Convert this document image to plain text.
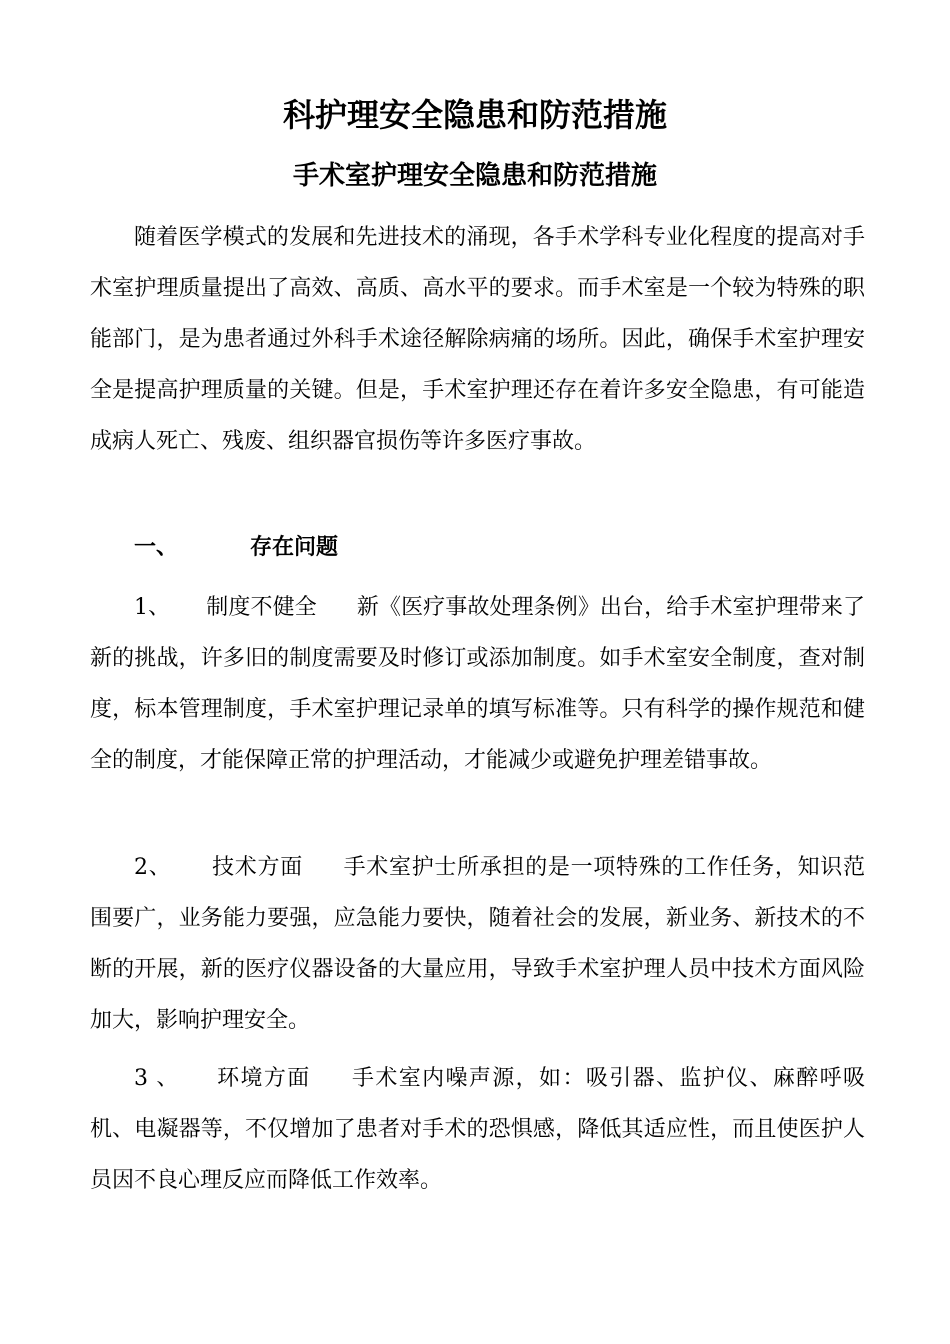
科护理安全隐患和防范措施
手术室护理安全隐患和防范措施

随着医学模式的发展和先进技术的涌现，各手术学科专业化程度的提高对手术室护理质量提出了高效、高质、高水平的要求。而手术室是一个较为特殊的职能部门，是为患者通过外科手术途径解除病痛的场所。因此，确保手术室护理安全是提高护理质量的关键。但是，手术室护理还存在着许多安全隐患，有可能造成病人死亡、残废、组织器官损伤等许多医疗事故。

一、	存在问题

1、 制度不健全 新《医疗事故处理条例》出台，给手术室护理带来了新的挑战，许多旧的制度需要及时修订或添加制度。如手术室安全制度，查对制度，标本管理制度，手术室护理记录单的填写标准等。只有科学的操作规范和健全的制度，才能保障正常的护理活动，才能减少或避免护理差错事故。

2、 技术方面 手术室护士所承担的是一项特殊的工作任务，知识范围要广，业务能力要强，应急能力要快，随着社会的发展，新业务、新技术的不断的开展，新的医疗仪器设备的大量应用，导致手术室护理人员中技术方面风险加大，影响护理安全。

3 、 环境方面 手术室内噪声源，如：吸引器、监护仪、麻醉呼吸机、电凝器等，不仅增加了患者对手术的恐惧感，降低其适应性，而且使医护人员因不良心理反应而降低工作效率。
